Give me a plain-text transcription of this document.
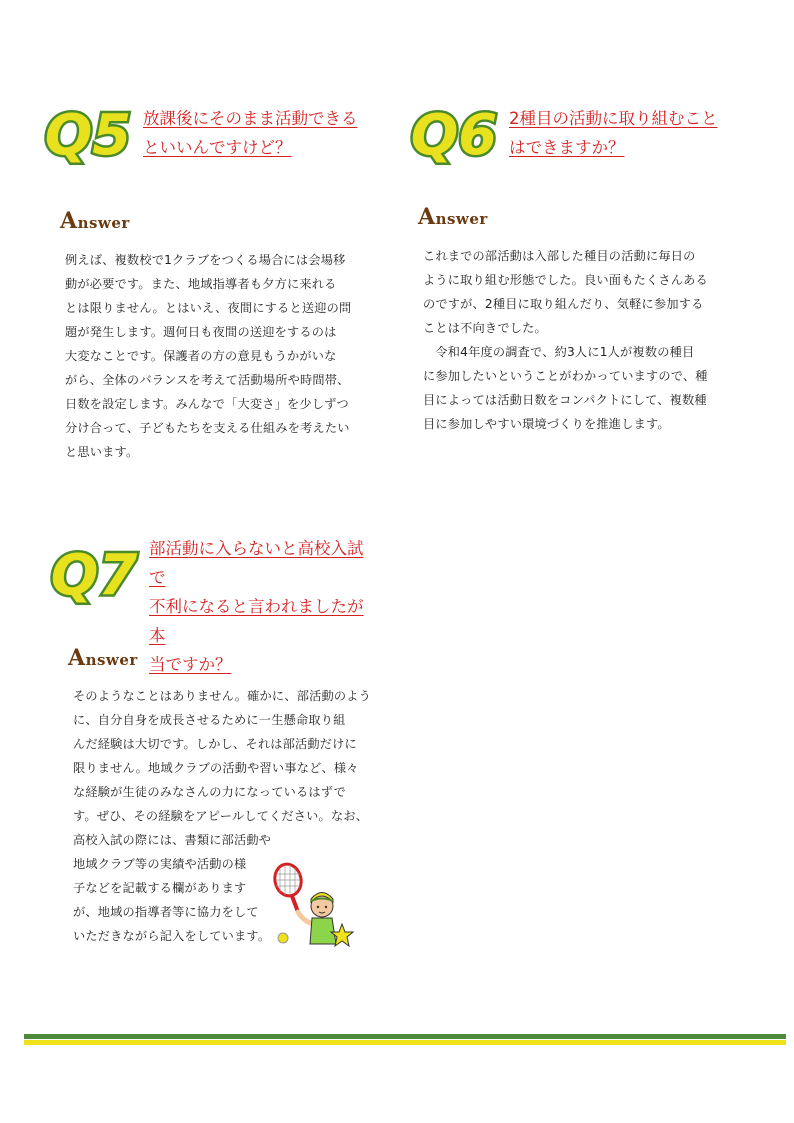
Q5 放課後にそのまま活動できる
といいんですけど？
Answer
例えば、複数校で1クラブをつくる場合には会場移
動が必要です。また、地域指導者も夕方に来れる
とは限りません。とはいえ、夜間にすると送迎の問
題が発生します。週何日も夜間の送迎をするのは
大変なことです。保護者の方の意見もうかがいな
がら、全体のバランスを考えて活動場所や時間帯、
日数を設定します。みんなで「大変さ」を少しずつ
分け合って、子どもたちを支える仕組みを考えたい
と思います。
Q6 2種目の活動に取り組むこと
はできますか？
Answer
これまでの部活動は入部した種目の活動に毎日の
ように取り組む形態でした。良い面もたくさんある
のですが、2種目に取り組んだり、気軽に参加する
ことは不向きでした。
　令和4年度の調査で、約3人に1人が複数の種目
に参加したいということがわかっていますので、種
目によっては活動日数をコンパクトにして、複数種
目に参加しやすい環境づくりを推進します。
Q7 部活動に入らないと高校入試で
不利になると言われましたが本
当ですか？
Answer
そのようなことはありません。確かに、部活動のよう
に、自分自身を成長させるために一生懸命取り組
んだ経験は大切です。しかし、それは部活動だけに
限りません。地域クラブの活動や習い事など、様々
な経験が生徒のみなさんの力になっているはずで
す。ぜひ、その経験をアピールしてください。なお、
高校入試の際には、書類に部活動や
地域クラブ等の実績や活動の様
子などを記載する欄があります
が、地域の指導者等に協力をして
いただきながら記入をしています。
